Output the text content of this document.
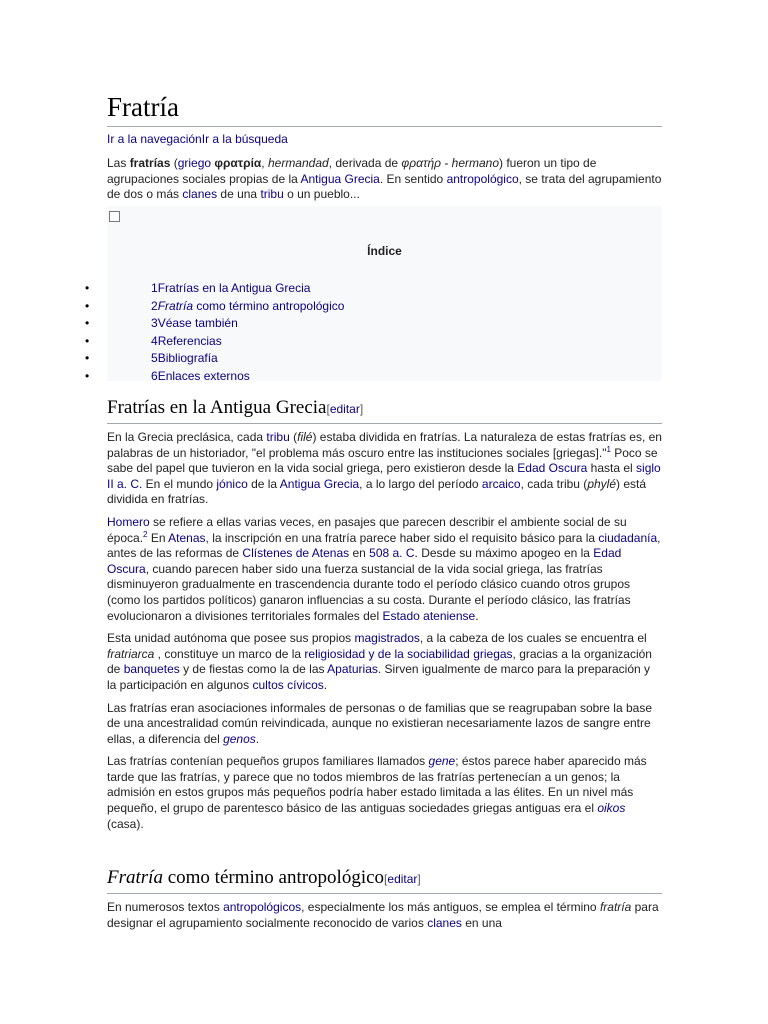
Fratría
Ir a la navegaciónIr a la búsqueda

Las fratrías (griego φρατρία, hermandad, derivada de φρατήρ - hermano) fueron un tipo de agrupaciones sociales propias de la Antigua Grecia. En sentido antropológico, se trata del agrupamiento de dos o más clanes de una tribu o un pueblo...

Índice
•	1Fratrías en la Antigua Grecia
•	2Fratría como término antropológico
•	3Véase también
•	4Referencias
•	5Bibliografía
•	6Enlaces externos
Fratrías en la Antigua Grecia[editar]

En la Grecia preclásica, cada tribu (filé) estaba dividida en fratrías. La naturaleza de estas fratrías es, en palabras de un historiador, "el problema más oscuro entre las instituciones sociales [griegas]."$^1$ Poco se sabe del papel que tuvieron en la vida social griega, pero existieron desde la Edad Oscura hasta el siglo II a. C. En el mundo jónico de la Antigua Grecia, a lo largo del período arcaico, cada tribu (phylé) está dividida en fratrías.

Homero se refiere a ellas varias veces, en pasajes que parecen describir el ambiente social de su época.$^2$ En Atenas, la inscripción en una fratría parece haber sido el requisito básico para la ciudadanía, antes de las reformas de Clístenes de Atenas en 508 a. C. Desde su máximo apogeo en la Edad Oscura, cuando parecen haber sido una fuerza sustancial de la vida social griega, las fratrías disminuyeron gradualmente en trascendencia durante todo el período clásico cuando otros grupos (como los partidos políticos) ganaron influencias a su costa. Durante el período clásico, las fratrías evolucionaron a divisiones territoriales formales del Estado ateniense.

Esta unidad autónoma que posee sus propios magistrados, a la cabeza de los cuales se encuentra el fratriarca , constituye un marco de la religiosidad y de la sociabilidad griegas, gracias a la organización de banquetes y de fiestas como la de las Apaturias. Sirven igualmente de marco para la preparación y la participación en algunos cultos cívicos.

Las fratrías eran asociaciones informales de personas o de familias que se reagrupaban sobre la base de una ancestralidad común reivindicada, aunque no existieran necesariamente lazos de sangre entre ellas, a diferencia del genos.

Las fratrías contenían pequeños grupos familiares llamados gene; éstos parece haber aparecido más tarde que las fratrías, y parece que no todos miembros de las fratrías pertenecían a un genos; la admisión en estos grupos más pequeños podría haber estado limitada a las élites. En un nivel más pequeño, el grupo de parentesco básico de las antiguas sociedades griegas antiguas era el oikos (casa).

Fratría como término antropológico[editar]

En numerosos textos antropológicos, especialmente los más antiguos, se emplea el término fratría para designar el agrupamiento socialmente reconocido de varios clanes en una
